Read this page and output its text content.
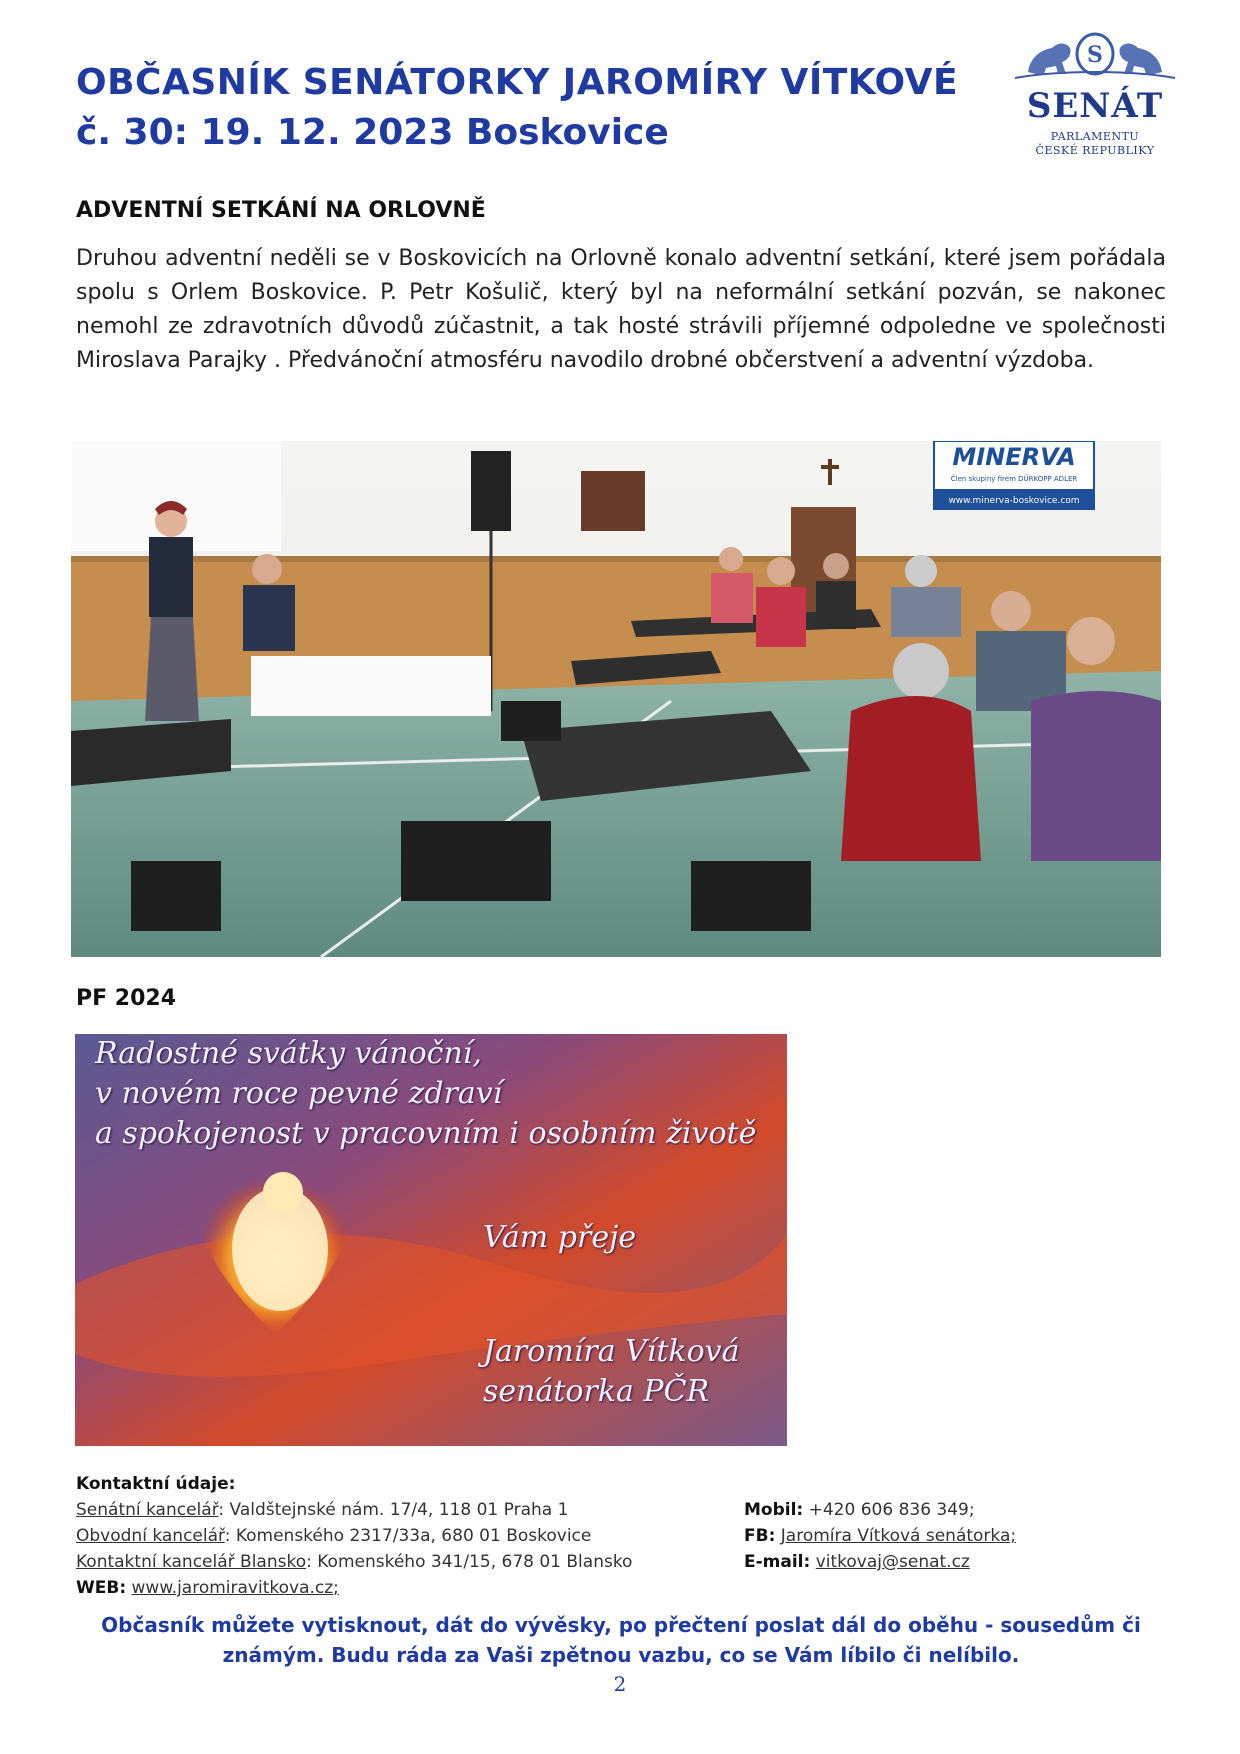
OBČASNÍK SENÁTORKY JAROMÍRY VÍTKOVÉ
č. 30: 19. 12. 2023 Boskovice
S
SENÁT
PARLAMENTU
ČESKÉ REPUBLIKY
ADVENTNÍ SETKÁNÍ NA ORLOVNĚ

Druhou adventní neděli se v Boskovicích na Orlovně konalo adventní setkání, které jsem pořádala spolu s Orlem Boskovice. P. Petr Košulič, který byl na neformální setkání pozván, se nakonec nemohl ze zdravotních důvodů zúčastnit, a tak hosté strávili příjemné odpoledne ve společnosti Miroslava Parajky . Předvánoční atmosféru navodilo drobné občerstvení a adventní výzdoba.

MINERVA
Člen skupiny firem DÜRKOPP ADLER
www.minerva-boskovice.com
PF 2024
Radostné svátky vánoční,
v novém roce pevné zdraví
a spokojenost v pracovním i osobním životě
Vám přeje
Jaromíra Vítková
senátorka PČR
Kontaktní údaje:
Senátní kancelář: Valdštejnské nám. 17/4, 118 01 Praha 1
Obvodní kancelář: Komenského 2317/33a, 680 01 Boskovice
Kontaktní kancelář Blansko: Komenského 341/15, 678 01 Blansko
WEB: www.jaromiravitkova.cz;
Mobil: +420 606 836 349;
FB: Jaromíra Vítková senátorka;
E-mail: vitkovaj@senat.cz

Občasník můžete vytisknout, dát do vývěsky, po přečtení poslat dál do oběhu - sousedům či známým. Budu ráda za Vaši zpětnou vazbu, co se Vám líbilo či nelíbilo.

2
